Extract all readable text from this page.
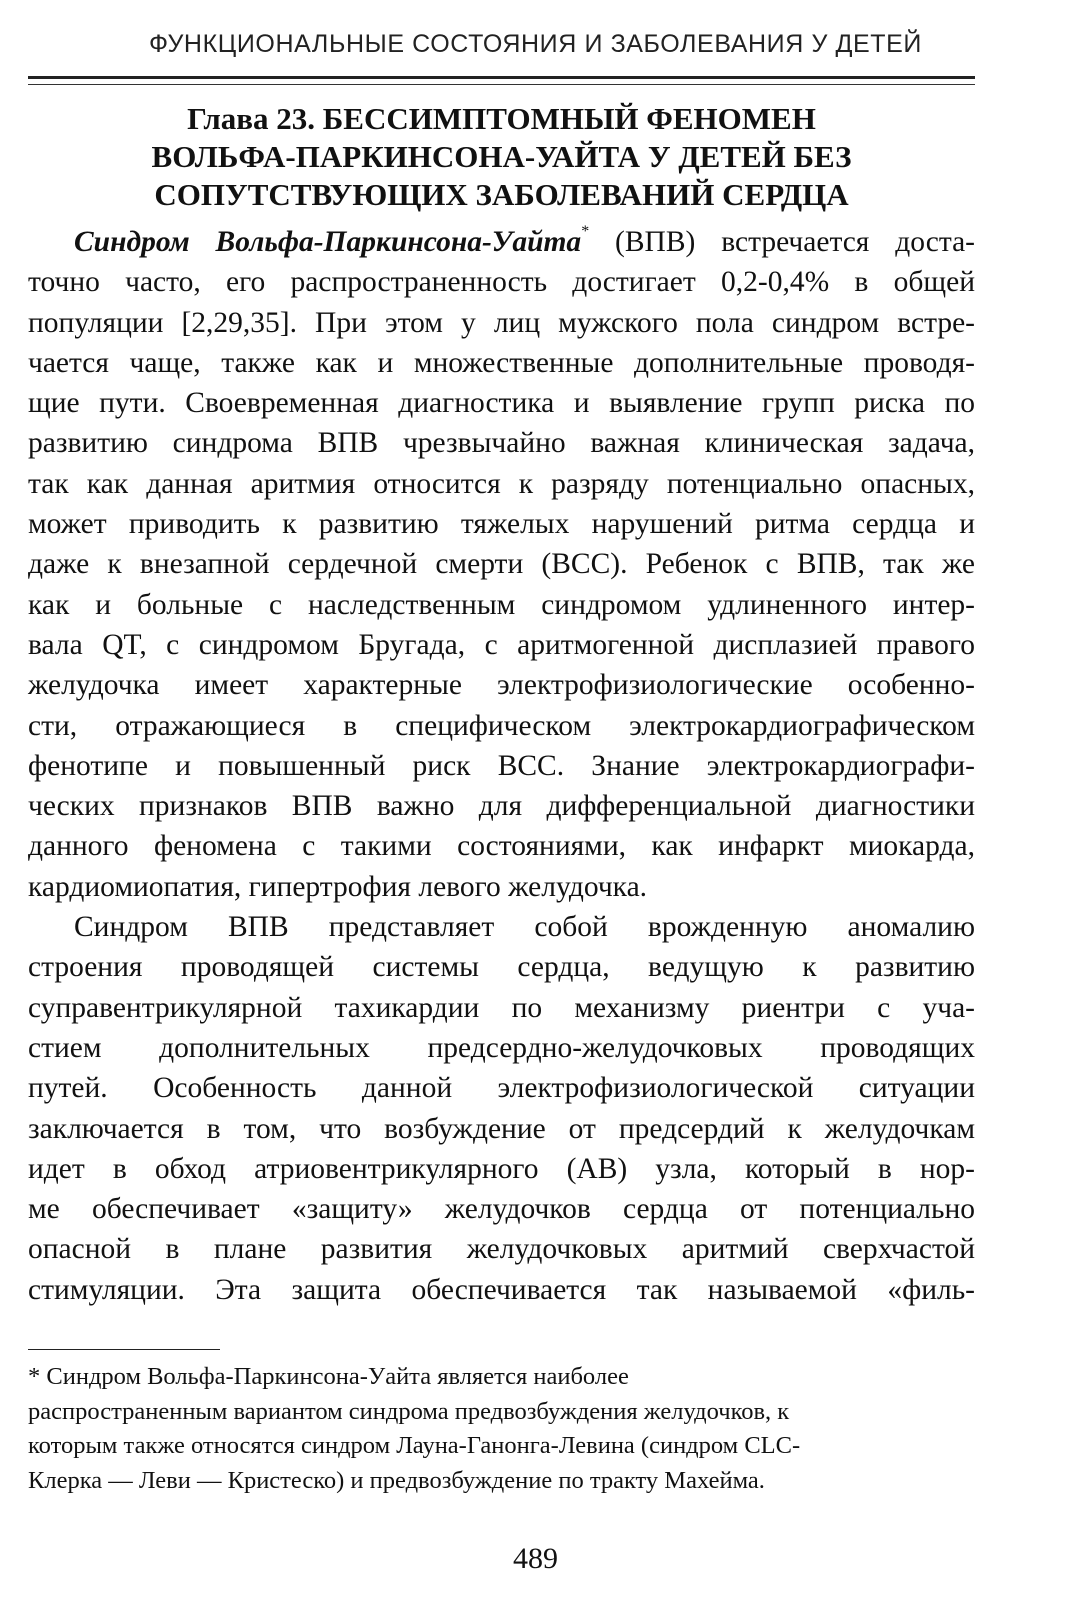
ФУНКЦИОНАЛЬНЫЕ СОСТОЯНИЯ И ЗАБОЛЕВАНИЯ У ДЕТЕЙ
Глава 23. БЕССИМПТОМНЫЙ ФЕНОМЕН
ВОЛЬФА-ПАРКИНСОНА-УАЙТА У ДЕТЕЙ БЕЗ
СОПУТСТВУЮЩИХ ЗАБОЛЕВАНИЙ СЕРДЦА
Синдром Вольфа-Паркинсона-Уайта* (ВПВ) встречается доста-
точно часто, его распространенность достигает 0,2-0,4% в общей
популяции [2,29,35]. При этом у лиц мужского пола синдром встре-
чается чаще, также как и множественные дополнительные проводя-
щие пути. Своевременная диагностика и выявление групп риска по
развитию синдрома ВПВ чрезвычайно важная клиническая задача,
так как данная аритмия относится к разряду потенциально опасных,
может приводить к развитию тяжелых нарушений ритма сердца и
даже к внезапной сердечной смерти (ВСС). Ребенок с ВПВ, так же
как и больные с наследственным синдромом удлиненного интер-
вала QT, с синдромом Бругада, с аритмогенной дисплазией правого
желудочка имеет характерные электрофизиологические особенно-
сти, отражающиеся в специфическом электрокардиографическом
фенотипе и повышенный риск ВСС. Знание электрокардиографи-
ческих признаков ВПВ важно для дифференциальной диагностики
данного феномена с такими состояниями, как инфаркт миокарда,
кардиомиопатия, гипертрофия левого желудочка.
Синдром ВПВ представляет собой врожденную аномалию
строения проводящей системы сердца, ведущую к развитию
суправентрикулярной тахикардии по механизму риентри с уча-
стием дополнительных предсердно-желудочковых проводящих
путей. Особенность данной электрофизиологической ситуации
заключается в том, что возбуждение от предсердий к желудочкам
идет в обход атриовентрикулярного (АВ) узла, который в нор-
ме обеспечивает «защиту» желудочков сердца от потенциально
опасной в плане развития желудочковых аритмий сверхчастой
стимуляции. Эта защита обеспечивается так называемой «филь-
* Синдром Вольфа-Паркинсона-Уайта является наиболее
распространенным вариантом синдрома предвозбуждения желудочков, к
которым также относятся синдром Лауна-Ганонга-Левина (синдром CLC-
Клерка — Леви — Кристеско) и предвозбуждение по тракту Махейма.
489
